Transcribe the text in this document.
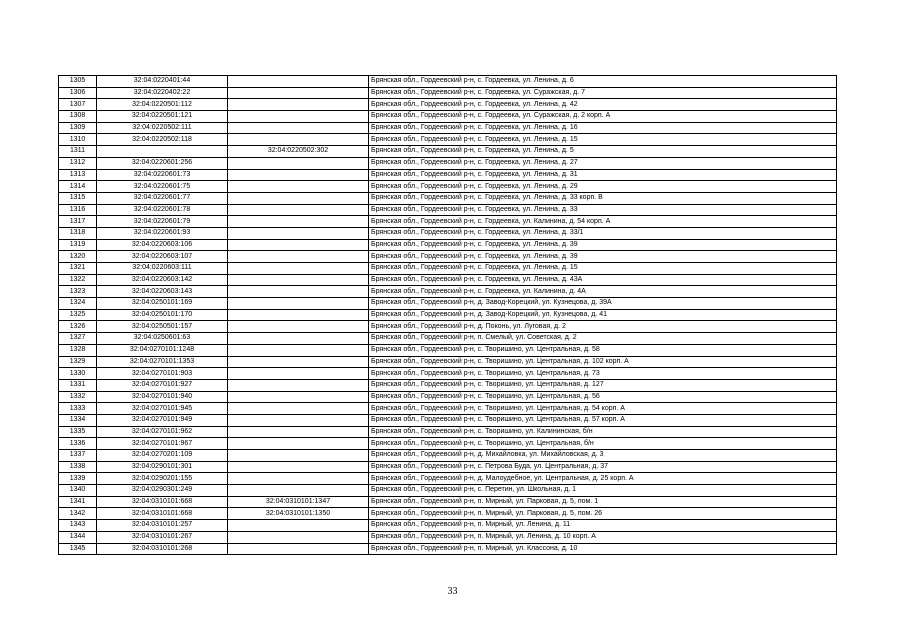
1305	32:04:0220401:44		Брянская обл., Гордеевский р-н, с. Гордеевка, ул. Ленина, д. 6
1306	32:04:0220402:22		Брянская обл., Гордеевский р-н, с. Гордеевка, ул. Суражская, д. 7
1307	32:04:0220501:112		Брянская обл., Гордеевский р-н, с. Гордеевка, ул. Ленина, д. 42
1308	32:04:0220501:121		Брянская обл., Гордеевский р-н, с. Гордеевка, ул. Суражская, д. 2 корп. А
1309	32:04:0220502:111		Брянская обл., Гордеевский р-н, с. Гордеевка, ул. Ленина, д. 16
1310	32:04:0220502:118		Брянская обл., Гордеевский р-н, с. Гордеевка, ул. Ленина, д. 15
1311		32:04:0220502:302	Брянская обл., Гордеевский р-н, с. Гордеевка, ул. Ленина, д. 5
1312	32:04:0220601:256		Брянская обл., Гордеевский р-н, с. Гордеевка, ул. Ленина, д. 27
1313	32:04:0220601:73		Брянская обл., Гордеевский р-н, с. Гордеевка, ул. Ленина, д. 31
1314	32:04:0220601:75		Брянская обл., Гордеевский р-н, с. Гордеевка, ул. Ленина, д. 29
1315	32:04:0220601:77		Брянская обл., Гордеевский р-н, с. Гордеевка, ул. Ленина, д. 33 корп. В
1316	32:04:0220601:78		Брянская обл., Гордеевский р-н, с. Гордеевка, ул. Ленина, д. 33
1317	32:04:0220601:79		Брянская обл., Гордеевский р-н, с. Гордеевка, ул. Калинина, д. 54 корп. А
1318	32:04:0220601:93		Брянская обл., Гордеевский р-н, с. Гордеевка, ул. Ленина, д. 33/1
1319	32:04:0220603:106		Брянская обл., Гордеевский р-н, с. Гордеевка, ул. Ленина, д. 39
1320	32:04:0220603:107		Брянская обл., Гордеевский р-н, с. Гордеевка, ул. Ленина, д. 39
1321	32:04:0220603:111		Брянская обл., Гордеевский р-н, с. Гордеевка, ул. Ленина, д. 15
1322	32:04:0220603:142		Брянская обл., Гордеевский р-н, с. Гордеевка, ул. Ленина, д. 43А
1323	32:04:0220603:143		Брянская обл., Гордеевский р-н, с. Гордеевка, ул. Калинина, д. 4А
1324	32:04:0250101:169		Брянская обл., Гордеевский р-н, д. Завод-Корецкий, ул. Кузнецова, д. 39А
1325	32:04:0250101:170		Брянская обл., Гордеевский р-н, д. Завод-Корецкий, ул. Кузнецова, д. 41
1326	32:04:0250501:157		Брянская обл., Гордеевский р-н, д. Поконь, ул. Луговая, д. 2
1327	32:04:0250601:63		Брянская обл., Гордеевский р-н, п. Смелый, ул. Советская, д. 2
1328	32:04:0270101:1248		Брянская обл., Гордеевский р-н, с. Творишино, ул. Центральная, д. 58
1329	32:04:0270101:1353		Брянская обл., Гордеевский р-н, с. Творишино, ул. Центральная, д. 102 корп. А
1330	32:04:0270101:903		Брянская обл., Гордеевский р-н, с. Творишино, ул. Центральная, д. 73
1331	32:04:0270101:927		Брянская обл., Гордеевский р-н, с. Творишино, ул. Центральная, д. 127
1332	32:04:0270101:940		Брянская обл., Гордеевский р-н, с. Творишино, ул. Центральная, д. 56
1333	32:04:0270101:945		Брянская обл., Гордеевский р-н, с. Творишино, ул. Центральная, д. 54 корп. А
1334	32:04:0270101:949		Брянская обл., Гордеевский р-н, с. Творишино, ул. Центральная, д. 57 корп. А
1335	32:04:0270101:962		Брянская обл., Гордеевский р-н, с. Творишино, ул. Калининская, б/н
1336	32:04:0270101:967		Брянская обл., Гордеевский р-н, с. Творишино, ул. Центральная, б/н
1337	32:04:0270201:109		Брянская обл., Гордеевский р-н, д. Михайловка, ул. Михайловская, д. 3
1338	32:04:0290101:301		Брянская обл., Гордеевский р-н, с. Петрова Буда, ул. Центральная, д. 37
1339	32:04:0290201:155		Брянская обл., Гордеевский р-н, д. Малоудебное, ул. Центральная, д. 25 корп. А
1340	32:04:0290301:249		Брянская обл., Гордеевский р-н, с. Перетин, ул. Школьная, д. 1
1341	32:04:0310101:668	32:04:0310101:1347	Брянская обл., Гордеевский р-н, п. Мирный, ул. Парковая, д. 5, пом. 1
1342	32:04:0310101:668	32:04:0310101:1350	Брянская обл., Гордеевский р-н, п. Мирный, ул. Парковая, д. 5, пом. 26
1343	32:04:0310101:257		Брянская обл., Гордеевский р-н, п. Мирный, ул. Ленина, д. 11
1344	32:04:0310101:267		Брянская обл., Гордеевский р-н, п. Мирный, ул. Ленина, д. 10 корп. А
1345	32:04:0310101:268		Брянская обл., Гордеевский р-н, п. Мирный, ул. Классона, д. 10
33
